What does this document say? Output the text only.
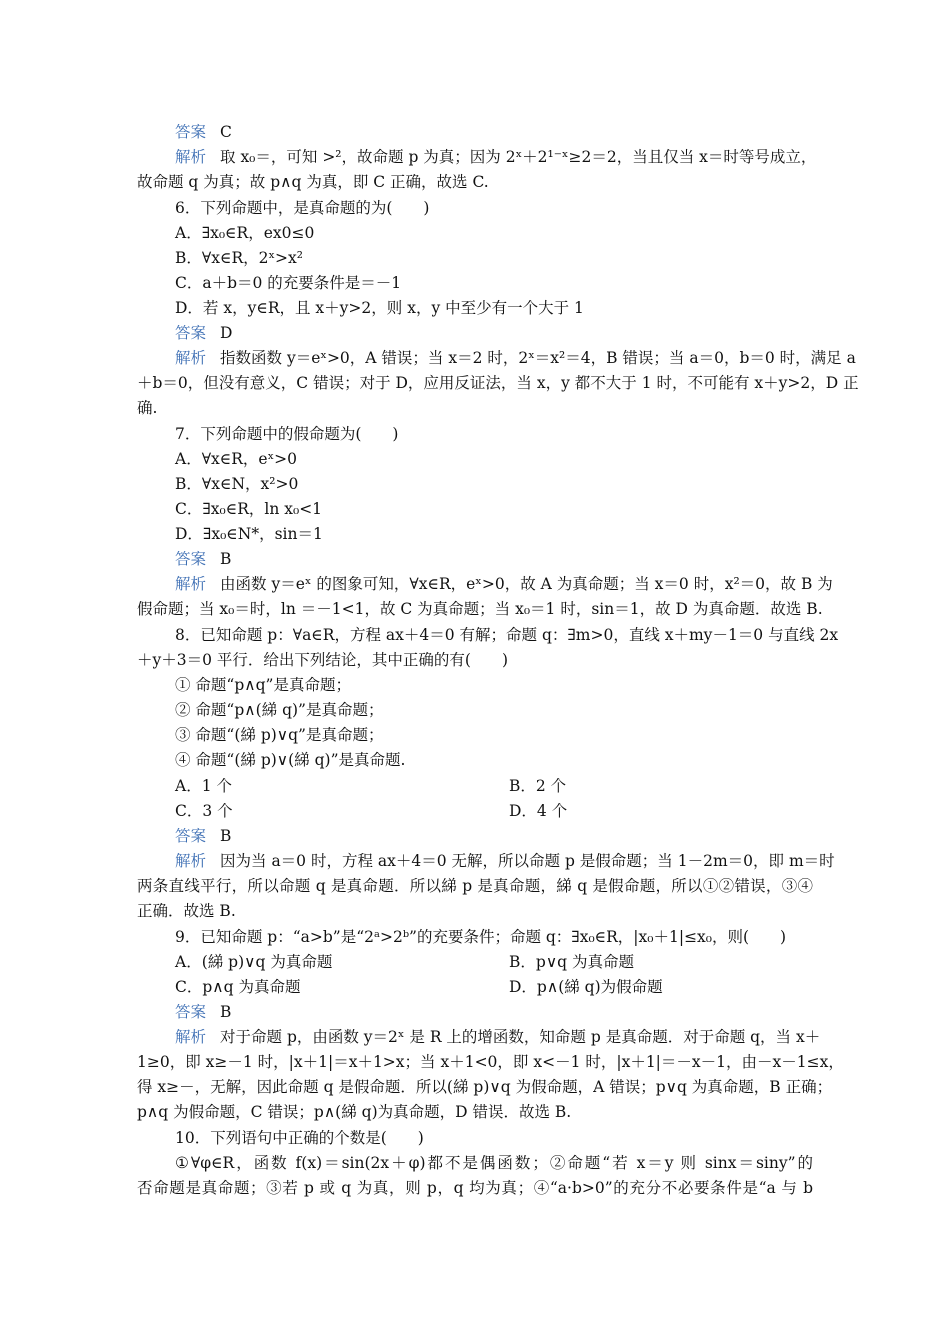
答案 C
解析 取 x₀＝，可知 >²，故命题 p 为真；因为 2ˣ＋2¹⁻ˣ≥2＝2，当且仅当 x＝时等号成立，
故命题 q 为真；故 p∧q 为真，即 C 正确，故选 C.
6．下列命题中，是真命题的为(　　)
A．∃x₀∈R，ex0≤0
B．∀x∈R，2ˣ>x²
C．a＋b＝0 的充要条件是＝－1
D．若 x，y∈R，且 x＋y>2，则 x，y 中至少有一个大于 1
答案 D
解析 指数函数 y＝eˣ>0，A 错误；当 x＝2 时，2ˣ＝x²＝4，B 错误；当 a＝0，b＝0 时，满足 a
＋b＝0，但没有意义，C 错误；对于 D，应用反证法，当 x，y 都不大于 1 时，不可能有 x＋y>2，D 正
确.
7．下列命题中的假命题为(　　)
A．∀x∈R，eˣ>0
B．∀x∈N，x²>0
C．∃x₀∈R，ln x₀<1
D．∃x₀∈N*，sin＝1
答案 B
解析 由函数 y＝eˣ 的图象可知，∀x∈R，eˣ>0，故 A 为真命题；当 x＝0 时，x²＝0，故 B 为
假命题；当 x₀＝时，ln ＝－1<1，故 C 为真命题；当 x₀＝1 时，sin＝1，故 D 为真命题．故选 B.
8．已知命题 p：∀a∈R，方程 ax＋4＝0 有解；命题 q：∃m>0，直线 x＋my－1＝0 与直线 2x
＋y＋3＝0 平行．给出下列结论，其中正确的有(　　)
① 命题“p∧q”是真命题；
② 命题“p∧(綈 q)”是真命题；
③ 命题“(綈 p)∨q”是真命题；
④ 命题“(綈 p)∨(綈 q)”是真命题.
A．1 个	B．2 个
C．3 个	D．4 个
答案 B
解析 因为当 a＝0 时，方程 ax＋4＝0 无解，所以命题 p 是假命题；当 1－2m＝0，即 m＝时
两条直线平行，所以命题 q 是真命题．所以綈 p 是真命题，綈 q 是假命题，所以①②错误，③④
正确．故选 B.
9．已知命题 p：“a>b”是“2ᵃ>2ᵇ”的充要条件；命题 q：∃x₀∈R，|x₀＋1|≤x₀，则(　　)
A．(綈 p)∨q 为真命题	B．p∨q 为真命题
C．p∧q 为真命题	D．p∧(綈 q)为假命题
答案 B
解析 对于命题 p，由函数 y＝2ˣ 是 R 上的增函数，知命题 p 是真命题．对于命题 q，当 x＋
1≥0，即 x≥－1 时，|x＋1|＝x＋1>x；当 x＋1<0，即 x<－1 时，|x＋1|＝－x－1，由－x－1≤x，
得 x≥－，无解，因此命题 q 是假命题．所以(綈 p)∨q 为假命题，A 错误；p∨q 为真命题，B 正确；
p∧q 为假命题，C 错误；p∧(綈 q)为真命题，D 错误．故选 B.
10．下列语句中正确的个数是(　　)
①∀φ∈R，函数 f(x)＝sin(2x＋φ)都不是偶函数；②命题“若 x＝y 则 sinx＝siny”的
否命题是真命题；③若 p 或 q 为真，则 p，q 均为真；④“a·b>0”的充分不必要条件是“a 与 b
